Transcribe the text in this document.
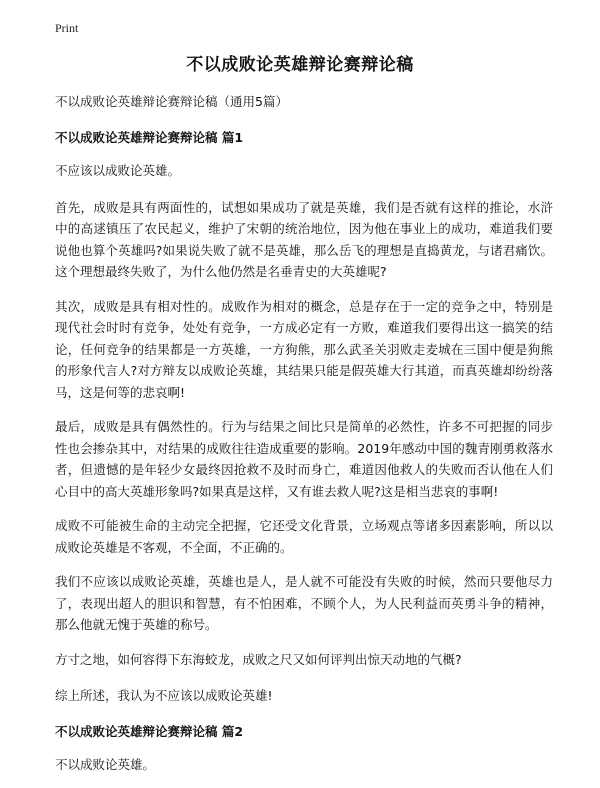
Print
不以成败论英雄辩论赛辩论稿
不以成败论英雄辩论赛辩论稿（通用5篇）
不以成败论英雄辩论赛辩论稿 篇1

不应该以成败论英雄。

首先，成败是具有两面性的，试想如果成功了就是英雄，我们是否就有这样的推论，水浒中的高逑镇压了农民起义，维护了宋朝的统治地位，因为他在事业上的成功，难道我们要说他也算个英雄吗?如果说失败了就不是英雄，那么岳飞的理想是直捣黄龙，与诸君痛饮。这个理想最终失败了，为什么他仍然是名垂青史的大英雄呢?

其次，成败是具有相对性的。成败作为相对的概念，总是存在于一定的竞争之中，特别是现代社会时时有竞争，处处有竞争，一方成必定有一方败，难道我们要得出这一搞笑的结论，任何竞争的结果都是一方英雄，一方狗熊，那么武圣关羽败走麦城在三国中便是狗熊的形象代言人?对方辩友以成败论英雄，其结果只能是假英雄大行其道，而真英雄却纷纷落马，这是何等的悲哀啊!

最后，成败是具有偶然性的。行为与结果之间比只是简单的必然性，许多不可把握的同步性也会掺杂其中，对结果的成败往往造成重要的影响。2019年感动中国的魏青刚勇救落水者，但遗憾的是年轻少女最终因抢救不及时而身亡，难道因他救人的失败而否认他在人们心目中的高大英雄形象吗?如果真是这样，又有谁去救人呢?这是相当悲哀的事啊!

成败不可能被生命的主动完全把握，它还受文化背景，立场观点等诸多因素影响，所以以成败论英雄是不客观，不全面，不正确的。

我们不应该以成败论英雄，英雄也是人，是人就不可能没有失败的时候，然而只要他尽力了，表现出超人的胆识和智慧，有不怕困难，不顾个人，为人民利益而英勇斗争的精神，那么他就无愧于英雄的称号。

方寸之地，如何容得下东海蛟龙，成败之尺又如何评判出惊天动地的气概?

综上所述，我认为不应该以成败论英雄!

不以成败论英雄辩论赛辩论稿 篇2

不以成败论英雄。
